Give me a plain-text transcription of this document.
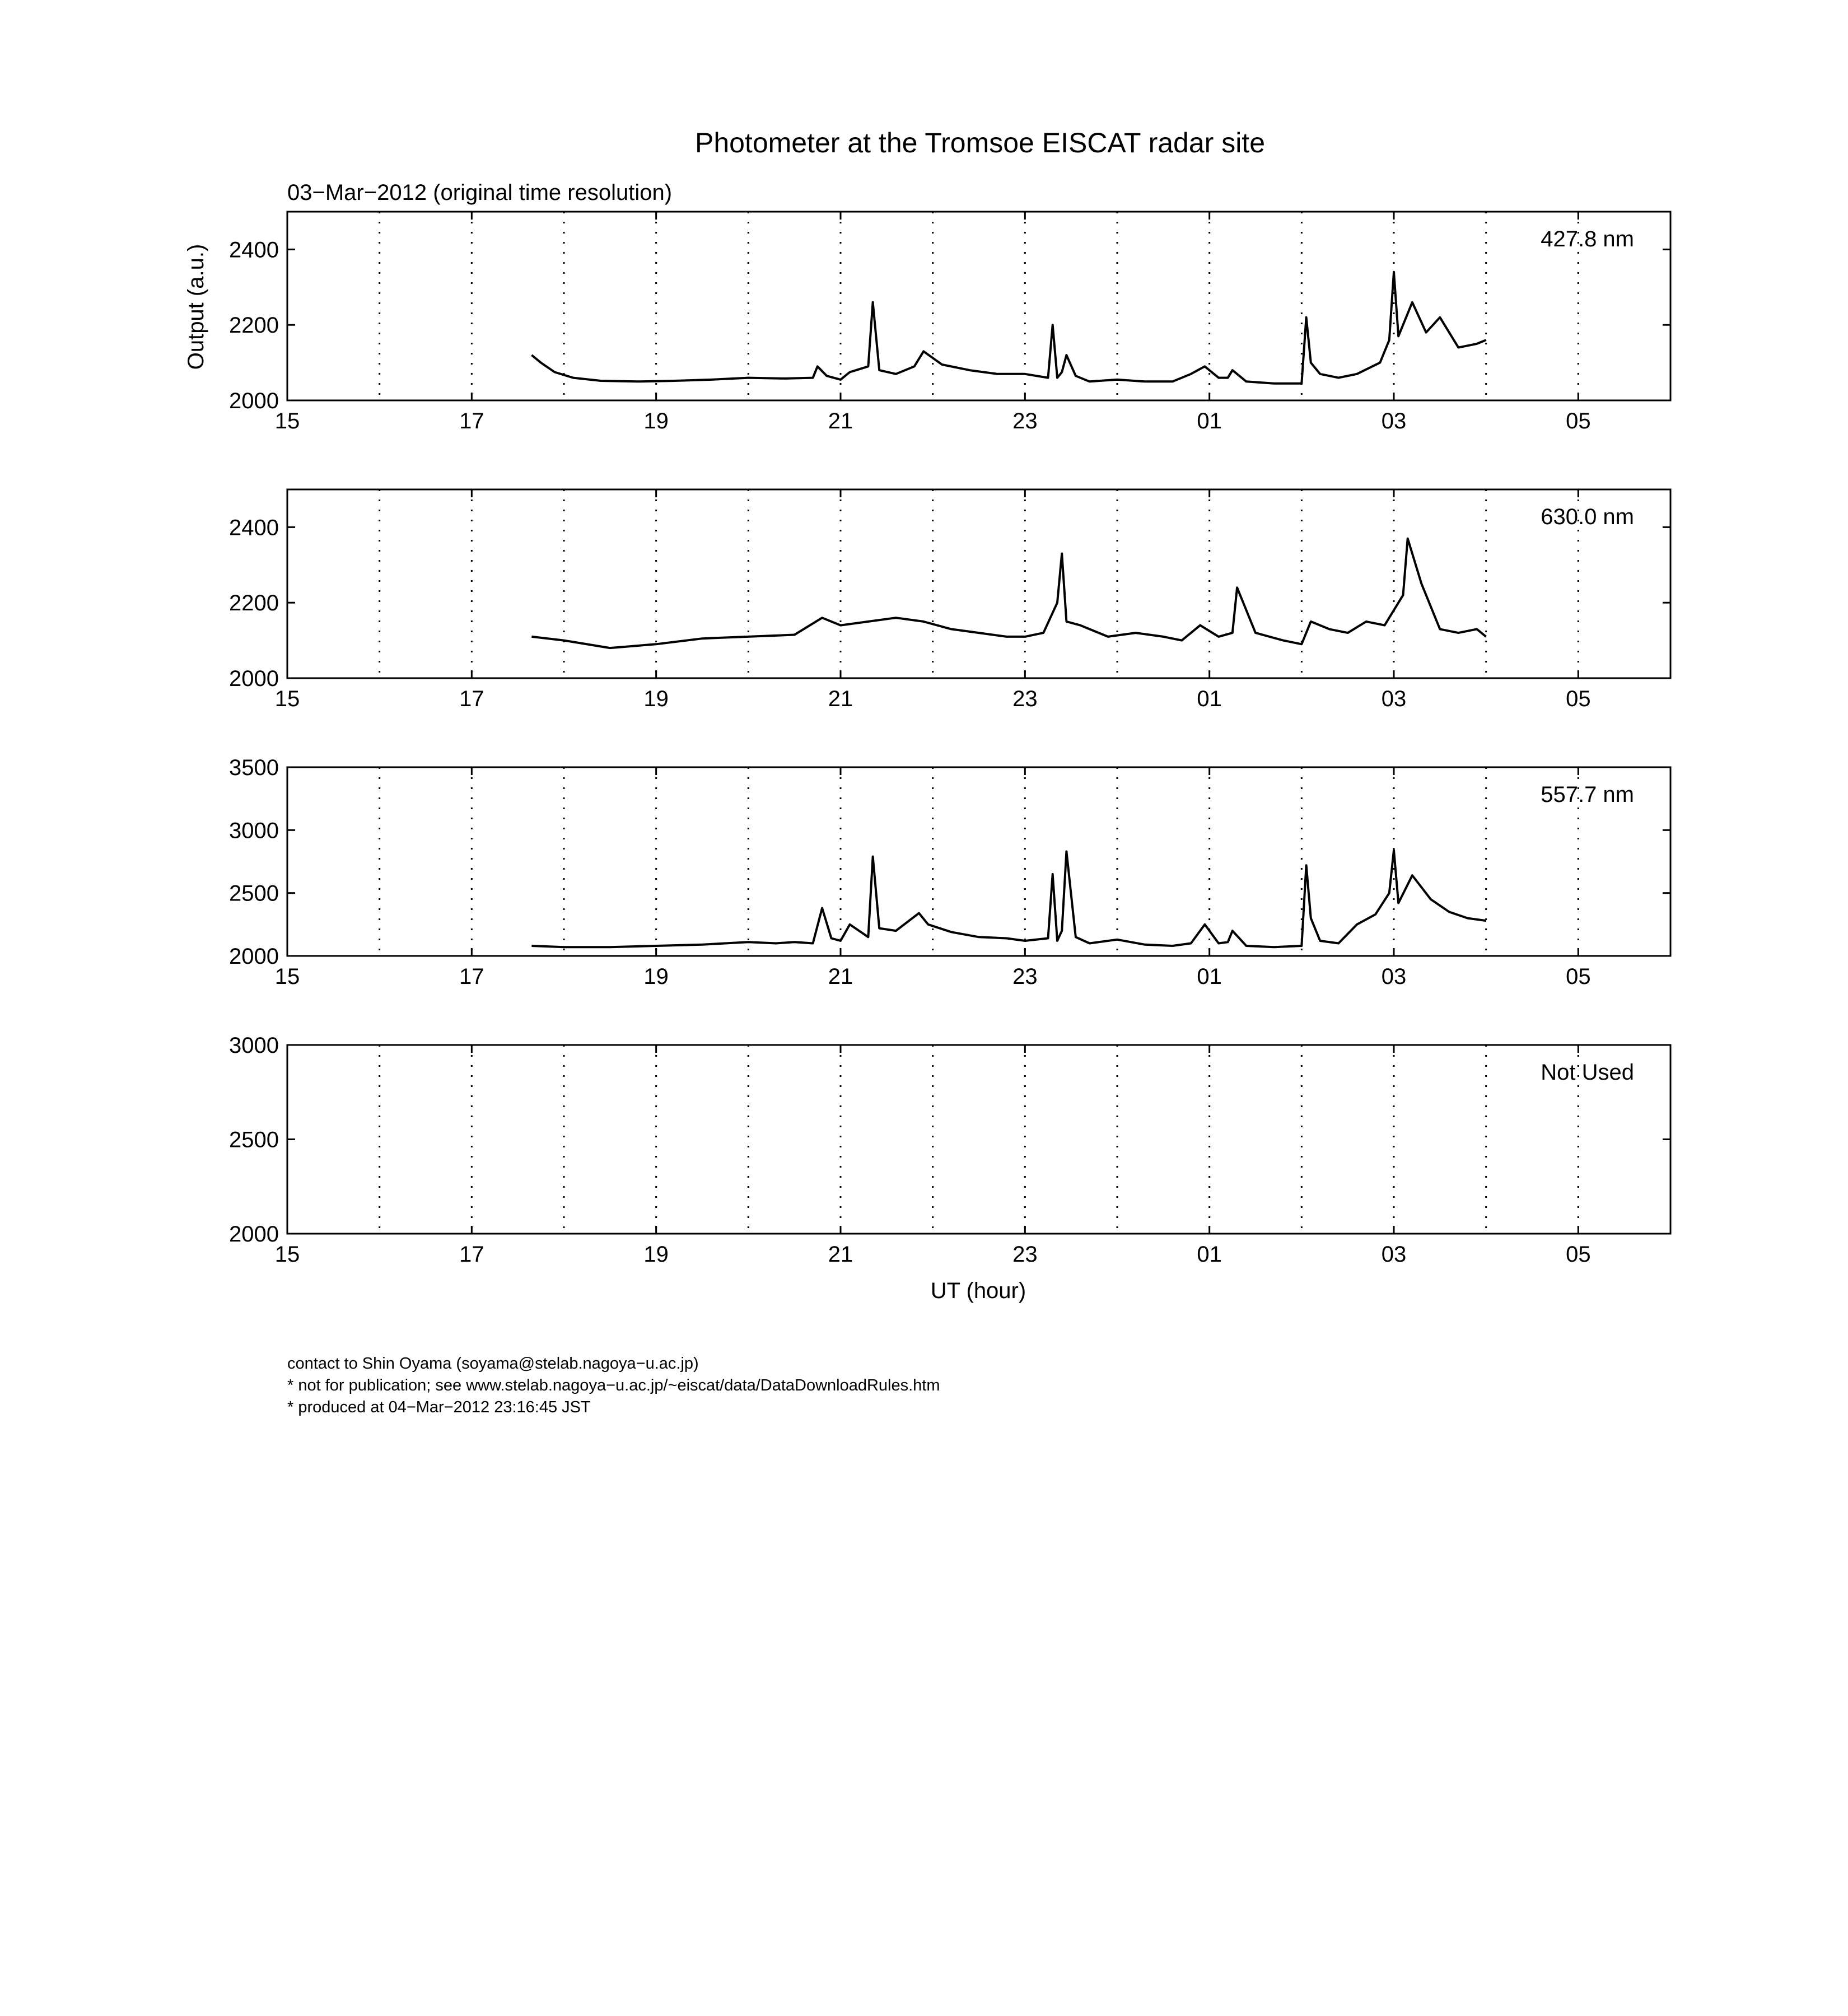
Photometer at the Tromsoe EISCAT radar site
03−Mar−2012 (original time resolution)
Output (a.u.)
UT (hour)
15	17	19	21	23	01	03	05
2000
2200
2400	427.8 nm
15	17	19	21	23	01	03	05
2000
2200
2400	630.0 nm
15	17	19	21	23	01	03	05
2000
2500
3000
3500
557.7 nm
15	17	19	21	23	01	03	05
2000
2500
3000
Not Used
contact to Shin Oyama (soyama@stelab.nagoya−u.ac.jp)
* not for publication; see www.stelab.nagoya−u.ac.jp/~eiscat/data/DataDownloadRules.htm
* produced at 04−Mar−2012 23:16:45 JST
